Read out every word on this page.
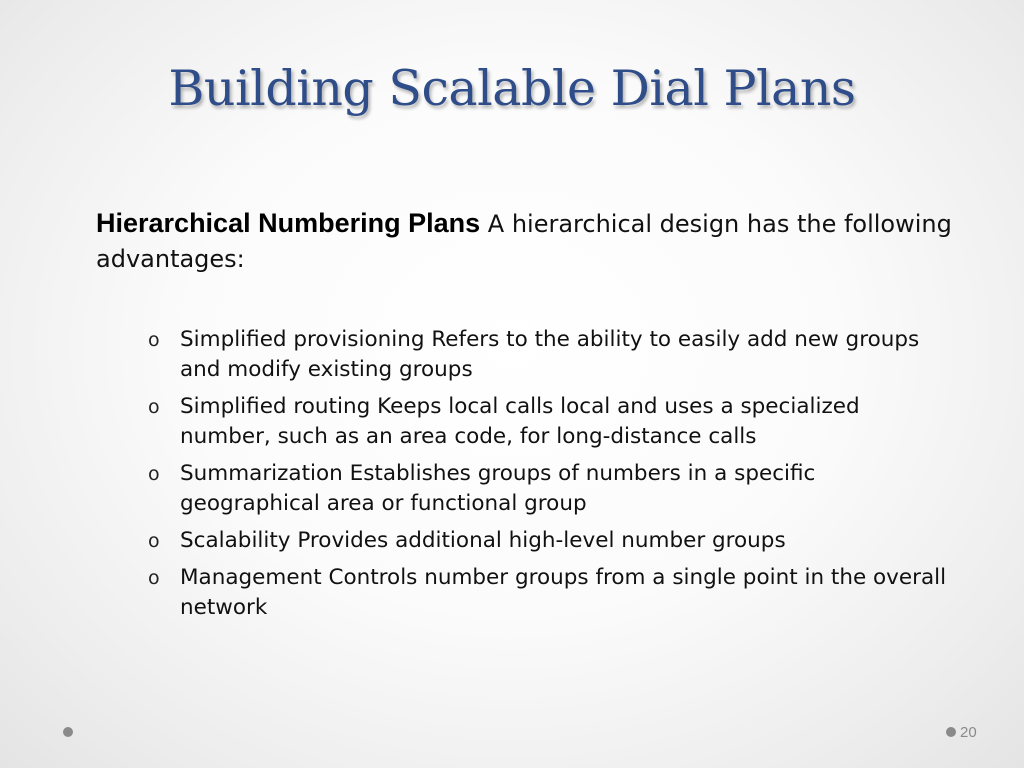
Building Scalable Dial Plans
Hierarchical Numbering Plans A hierarchical design has the following advantages:
o Simplified provisioning Refers to the ability to easily add new groups and modify existing groups
o Simplified routing Keeps local calls local and uses a specialized number, such as an area code, for long-distance calls
o Summarization Establishes groups of numbers in a specific geographical area or functional group
o Scalability Provides additional high-level number groups
o Management Controls number groups from a single point in the overall network
20
